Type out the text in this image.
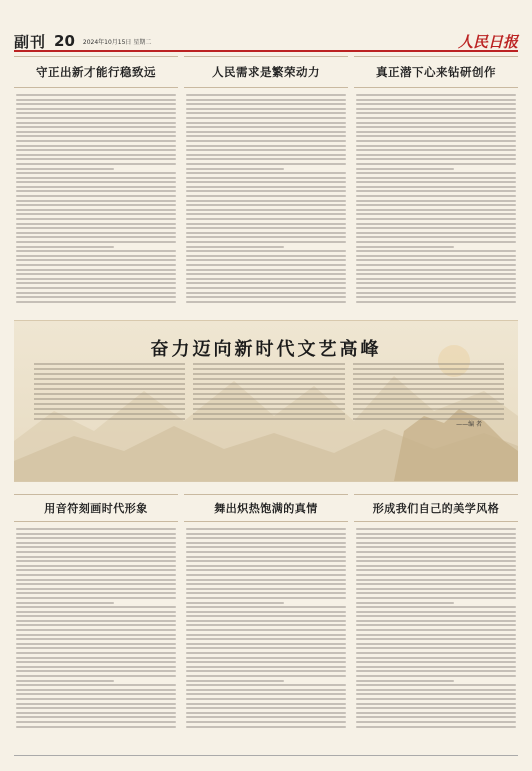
副刊 20 2024年10月15日 星期二	人民日报
守正出新才能行稳致远	人民需求是繁荣动力	真正潜下心来钻研创作
奋力迈向新时代文艺高峰
——编 者
用音符刻画时代形象	舞出炽热饱满的真情	形成我们自己的美学风格
